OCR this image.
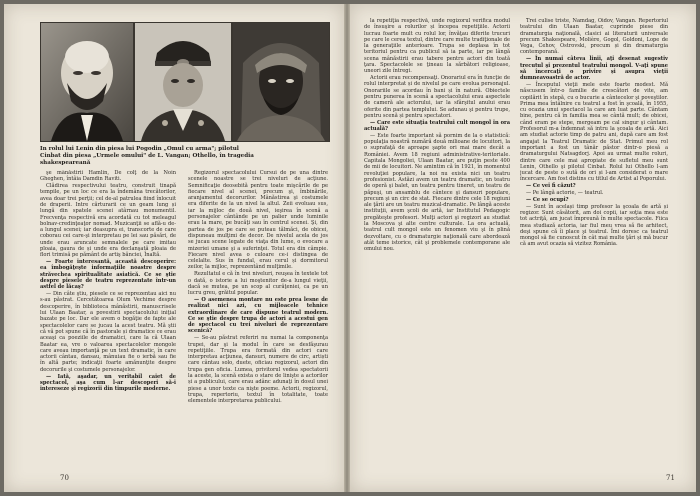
In rolul lui Lenin din piesa lui Pogodin „Omul cu arma"; pilotul
Cinbat din piesa „Urmele omului" de L. Vangan; Othello, în tragedia
shakespeareană

şe mânăstirii Hamlin, De colţ de la Noin Gheghen, întâia Damdin Raviti.

Clădirea respectivului teatru, construit tinapă tempile, pe un loc ce era la îndemâna trecătorilor, avea doar trei perţii; cel de-al patrulea fiind înlocuit de draperii. Intre cărturarii ce un geam lung și lungă din spatele scenei atârnau monumentil. Frecvenţa respectivă era acordată cu tot meleagul bolnav-credinţeaţor nomad. Muzicanţii se află-u de-a lungul scenei; iar deasupra ei, transcorte de care coborau cei care-şi interpretau pe lei sau păsări, de unde erau aruncate semnalele pe care imitau ploaia, gaura de și unde era declanşată ploaia de flori trimisă pe pământ de artiş bănciei, Înaltă.

— Foarte interesantă, această descoperire: ea îmbogăţeşte informaţiile noastre despre străvechea spiritualitate asiatică. Ce se ştie despre piesele de teatru reprezentate într-un astfel de lăcaş?

— Din câte ştiu, piesele ce se reprezentau aici nu s-au păstrat. Cercetătoarea Olum Vechime despre descoperire, în biblioteca mânăstirii, manuscrisele lui Ulaan Baatar, a povestirii spectacolului iniţial bazate pe loc. Dar ele avem o bogăţie de fapte ale spectacolelor care se jucau la acest teatru. Mă ştii că vă pot spune că în pastorale și dramatice ce erau aceaşi ca poeziile de dramatici, care la că Ulaan Baatar ea, vre o valoarea spectacolelor mongole care aveau importanţă pe un text dramatic, în care actorii cântau, dansau, mânuiau fie o ierbă sau fie în altă parte; indicaţii foarte amănunţite despre decorurile şi costumele personajelor.

— Iată, aşadar, un veritabil caiet de spectacol, aşa cum l-ar descoperi să-i intereseze şi regizorii din timpurile moderne.

Regizorul spectacolului Cursui de pe una dintre scenele noastre se trei niveluri de acţiune. Semnificaţie deosebită pentru toate mişcările de pe fiecare nivel al scenei, precum şi, îmbinările, aranjamentul decorurilor. Mânăstirea şi costumele era diferite de la un nivel la altul. Zeii evoluau sus, iar la mijloc de două nivel, ieşirea în scenă a personajelor cântânde pe un palier unde luminile erau la mare, pe bucăţi sau în centrul scenei. Şi, din partea de jos pe care se puteau tălmăci, de obicei, dispuneau mulţimi de decor. De nivelul acela de jos se jucau scene legate de viaţa din lume, o evocare a mizeriei umane şi a suferinţei. Totul era din câmpie. Fiecare nivel avea o culoare ce-i distingea de celelalte. Sus în fundal, erau cerul și dormitorul zeilor, la mijloc, reprezentând mulţimile.

Rezultatul e că în trei niveluri, reuşea în textele tot o dată, o istorie a lui moştenitor de-a lungul vieţii, dacă se mutea, pe un scop al curăţeniei, ca pe un lucru greu, grăitul popular.

— O asemenea montare nu este prea lesne de realizat nici azi, cu mijloacele tehnice extraordinare de care dispune teatrul modern. Ce se ştie despre trupa de actori a acestui gen de spectacol cu trei niveluri de reprezentare scenică?

— Se-au păstrat referiri nu numai la componenţa trupei, dar şi la modul în care se desfăşurau repetiţiile. Trupa era formată din actori care interpretau acţiunea, dansuri, numere de circ, artiști care cântau solo, duete, oficiau regizorul, actori din trupa gen oficia. Lumea, privitorul vedea spectatorii la aceste, la scenă exista o stare de linişte a actorilor și a publicului, care erau adânc adunaţi în dosul unei piese a unor texte ca nişte poeme. Actorii, regizorul, trupa, repertoriu, textul în totalitate, toate elementele interpretarea publicului.

70

la repetiţia respectivă, unde regizorul verifica modul de însuşire a rolurilor și începea repetiţiile. Actorii lucrau foarte mult cu rolul lor, învăţau diferite trucuri pe care le cerea textul, dintre care multe tradiţionale de la generaţiile anterioare. Trupa se deplasa în tot teritoriul pentru ca publicul să ia parte, iar pe lângă scena mânăstirii erau tabere pentru actori din toată ţara. Spectacolele se ţineau la sărbători religioase, uneori zile întregi.

Actorii erau recompensaţi. Onorariul era în funcţie de rolul interpretat și de nivelul pe care evolua personajul. Onorariile se acordau în bani și în natură. Obiectele pentru punerea în scenă a spectacolului erau aspectele de cameră ale actorului, iar la sfârşitul anului erau oferite din partea templului. Se adunau şi pentru trupe, pentru scenă și pentru spectatori.

— Care este situaţia teatrului cult mongol în ora actuală?

— Este foarte important să pornim de la o statistică: populaţia noastră numără două milioane de locuitori, la o suprafaţă de aproape şapte ori mai mare decât a României. Avem 18 regiuni administrative-teritoriale. Capitala Mongoliei, Ulaan Baatar, are puţin peste 400 de mii de locuitori. Ne amintim că în 1921, în momentul revoluţiei populare, la noi nu exista nici un teatru profesionist. Astăzi avem un teatru dramatic, un teatru de operă şi balet, un teatru pentru tineret, un teatru de păpuşi, un ansamblu de cântece şi dansuri populare, precum şi un circ de stat. Fiecare dintre cele 18 regiuni ale ţării are un teatru muzical-dramatic. Pe lângă aceste instituţii, avem şcoli de artă, iar Institutul Pedagogic pregăteşte profesori. Mulţi actori şi regizori au studiat la Moscova şi alte centre culturale. La ora actuală, teatrul cult mongol este un fenomen viu şi în plină dezvoltare, cu o dramaturgie naţională care abordează atât teme istorice, cât şi problemele contemporane ale omului nou.

Trei culise triste, Namdag, Oidov, Vangan. Repertoriul teatrului din Ulaan Baatar, cuprinde piese din dramaturgia naţională, clasici ai literaturii universale precum Shakespeare, Molière, Gogol, Goldoni, Lope de Vega, Cehov, Ostrovski, precum și din dramaturgia contemporană.

— În numai câteva linii, aţi desenat sugestiv trecutul şi prezentul teatrului mongol. V-aţi spune să încercaţi o privire și asupra vieţii dumneavoastră de actor.

— Începutul vieţii mele este foarte modest. Mă născusem într-o familie de crescători de vite, am copilărit în stepă, cu o bucurie a cântecelor şi poveştilor. Prima mea întâlnire cu teatrul a fost în şcoală, în 1955, cu ocazia unui spectacol la care am luat parte. Cântam bine, pentru că în familia mea se cântă mult; de obicei, când eram pe stepe, mergeam pe cal singur şi cântam. Profesorul m-a îndemnat să intru la şcoala de artă. Aici am studiat actorie timp de patru ani, după care am fost angajat la Teatrul Dramatic de Stat. Primul meu rol important a fost un tânăr păstor dintr-o piesă a dramaturgului Natsagdorj. Apoi au urmat multe roluri, dintre care cele mai apropiate de sufletul meu sunt Lenin, Othello şi pilotul Cinbat. Rolul lui Othello l-am jucat de peste o sută de ori și l-am considerat o mare încercare. Am fost distins cu titlul de Artist al Poporului.

— Ce vei fi căzut?

— Pe lângă actorie, — teatrul.

— Ce se ocupi?

— Sunt în același timp profesor la şcoala de artă și regizor. Sunt căsătorit, am doi copii, iar soţia mea este tot actriţă, am jucat împreună în multe spectacole. Fiica mea studiază actoria, iar fiul meu vrea să fie arhitect, deşi spune că îi place şi teatrul. Îmi doresc ca teatrul mongol să fie cunoscut în cât mai multe ţări și mă bucur că am avut ocazia să vizitez România.

71
